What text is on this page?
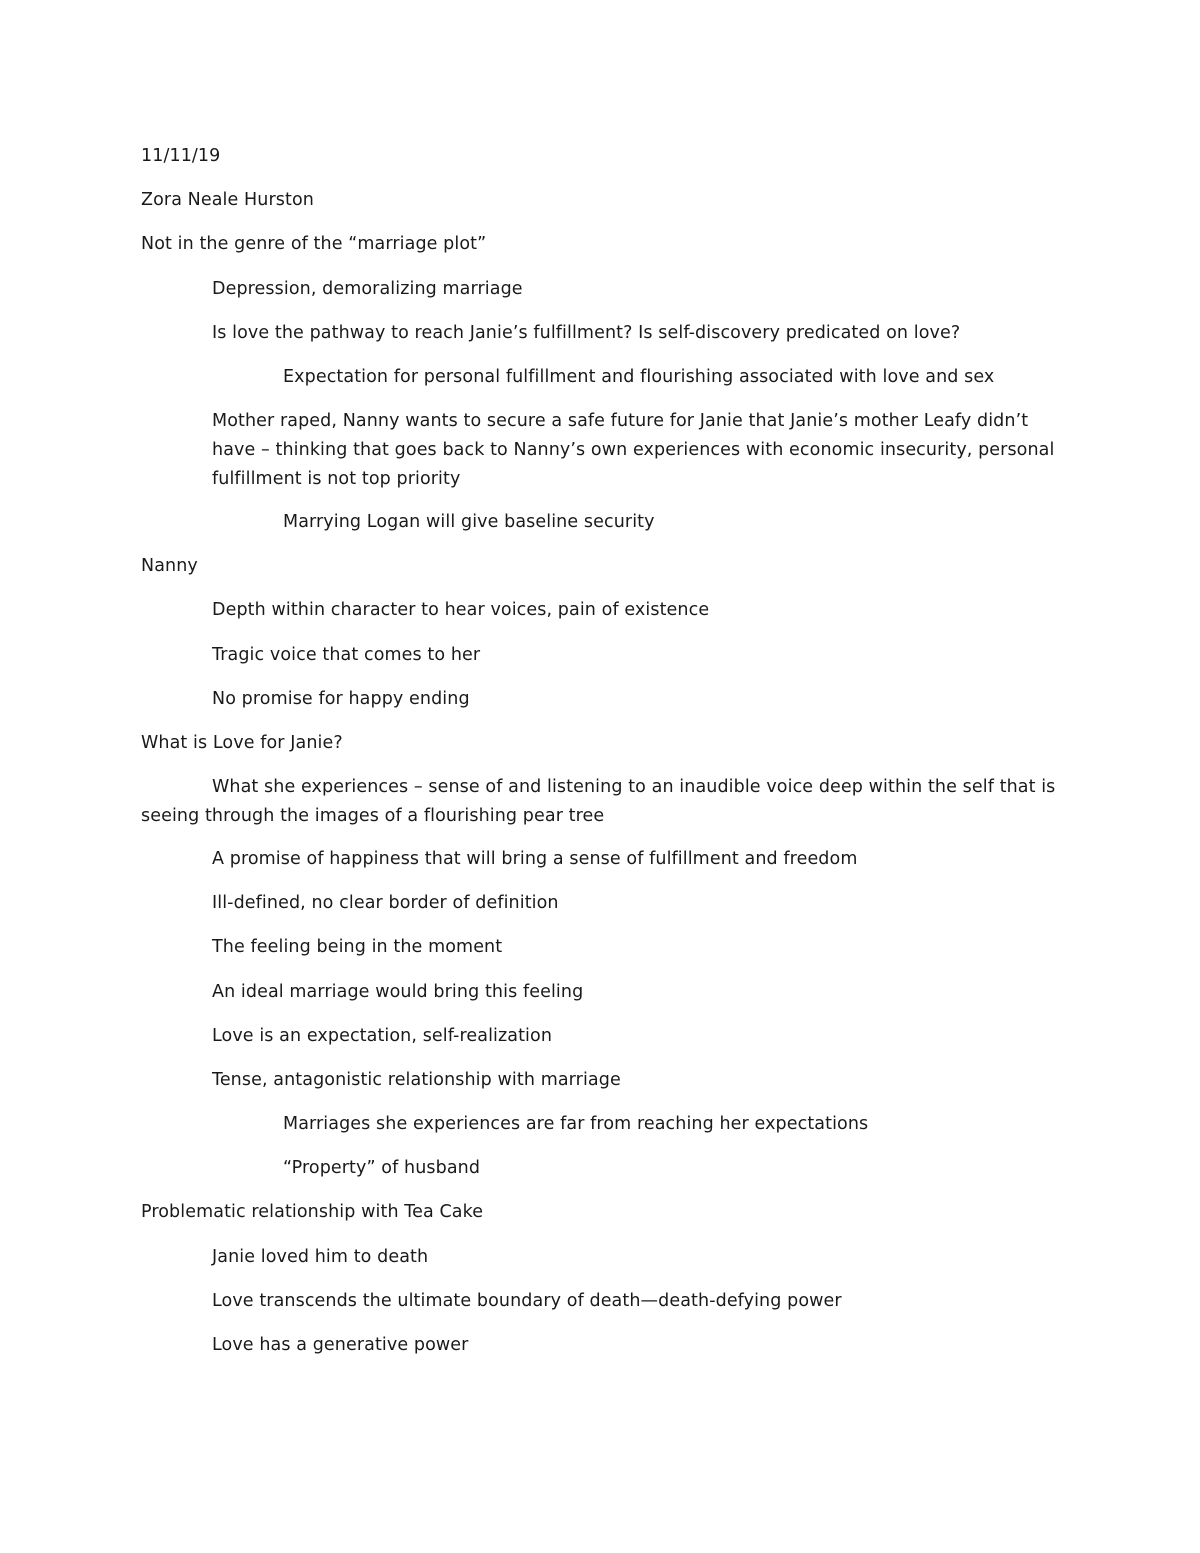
11/11/19
Zora Neale Hurston
Not in the genre of the “marriage plot”
Depression, demoralizing marriage
Is love the pathway to reach Janie’s fulfillment? Is self-discovery predicated on love?
Expectation for personal fulfillment and flourishing associated with love and sex
Mother raped, Nanny wants to secure a safe future for Janie that Janie’s mother Leafy didn’t
have – thinking that goes back to Nanny’s own experiences with economic insecurity, personal
fulfillment is not top priority
Marrying Logan will give baseline security
Nanny
Depth within character to hear voices, pain of existence
Tragic voice that comes to her
No promise for happy ending
What is Love for Janie?
What she experiences – sense of and listening to an inaudible voice deep within the self that is
seeing through the images of a flourishing pear tree
A promise of happiness that will bring a sense of fulfillment and freedom
Ill-defined, no clear border of definition
The feeling being in the moment
An ideal marriage would bring this feeling
Love is an expectation, self-realization
Tense, antagonistic relationship with marriage
Marriages she experiences are far from reaching her expectations
“Property” of husband
Problematic relationship with Tea Cake
Janie loved him to death
Love transcends the ultimate boundary of death—death-defying power
Love has a generative power
